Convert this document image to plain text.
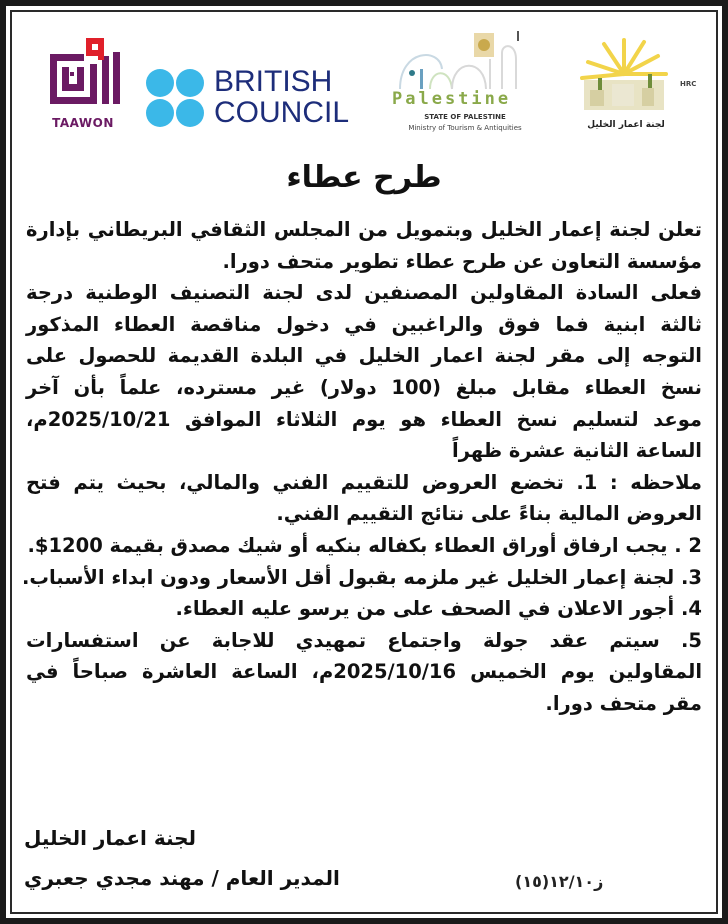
TAAWON
BRITISH
COUNCIL	Palestine
STATE OF PALESTINE
Ministry of Tourism & Antiquities
HRC
لجنة اعمار الخليل
طرح عطاء
تعلن لجنة إعمار الخليل وبتمويل من المجلس الثقافي البريطاني بإدارة
مؤسسة التعاون عن طرح عطاء تطوير متحف دورا.
فعلى السادة المقاولين المصنفين لدى لجنة التصنيف الوطنية درجة
ثالثة ابنية فما فوق والراغبين في دخول مناقصة العطاء المذكور
التوجه إلى مقر لجنة اعمار الخليل في البلدة القديمة للحصول على
نسخ العطاء مقابل مبلغ (100 دولار) غير مسترده، علماً بأن آخر
موعد لتسليم نسخ العطاء هو يوم الثلاثاء الموافق 2025/10/21م،
الساعة الثانية عشرة ظهراً
ملاحظه : 1. تخضع العروض للتقييم الفني والمالي، بحيث يتم فتح
العروض المالية بناءً على نتائج التقييم الفني.
2 . يجب ارفاق أوراق العطاء بكفاله بنكيه أو شيك مصدق بقيمة 1200$.
3. لجنة إعمار الخليل غير ملزمه بقبول أقل الأسعار ودون ابداء الأسباب.
4. أجور الاعلان في الصحف على من يرسو عليه العطاء.
5. سيتم عقد جولة واجتماع تمهيدي للاجابة عن استفسارات
المقاولين يوم الخميس 2025/10/16م، الساعة العاشرة صباحاً في
مقر متحف دورا.
لجنة اعمار الخليل
المدير العام / مهند مجدي جعبري	ز١٢/١٠(١٥)
